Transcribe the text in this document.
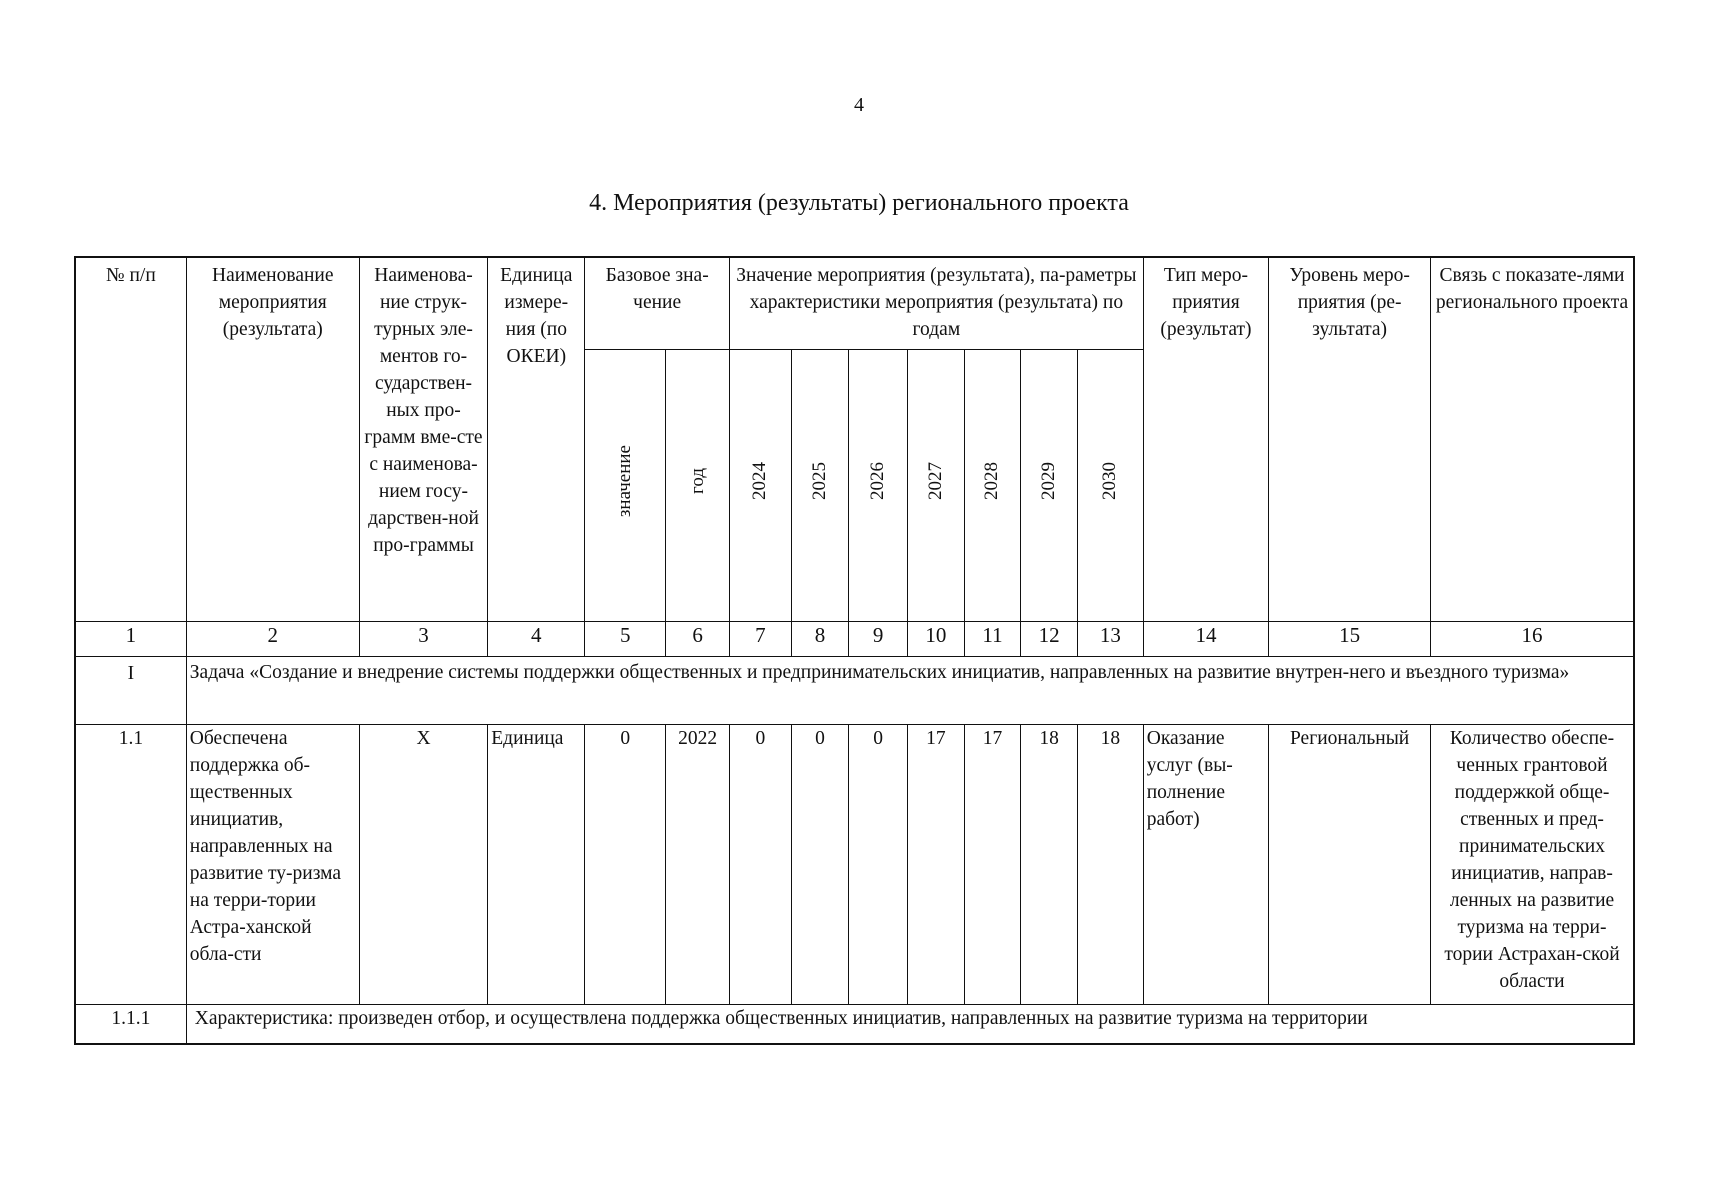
4
4. Мероприятия (результаты) регионального проекта
№ п/п	Наименование мероприятия (результата)	Наименова-ние струк-турных эле-ментов го-сударствен-ных про-грамм вме-сте с наименова-нием госу-дарствен-ной про-граммы	Единица измере-ния (по ОКЕИ)	Базовое зна-чение		Значение мероприятия (результата), па-раметры характеристики мероприятия (результата) по годам							Тип меро-приятия (результат)	Уровень меро-приятия (ре-зультата)	Связь с показате-лями регионального проекта
				значение	год	2024	2025	2026	2027	2028	2029	2030			
1	2	3	4	5	6	7	8	9	10	11	12	13	14	15	16
I	Задача «Создание и внедрение системы поддержки общественных и предпринимательских инициатив, направленных на развитие внутрен-него и въездного туризма»														
1.1	Обеспечена поддержка об-щественных инициатив, направленных на развитие ту-ризма на терри-тории Астра-ханской обла-сти	Х	Единица	0	2022	0	0	0	17	17	18	18	Оказание услуг (вы-полнение работ)	Региональный	Количество обеспе-ченных грантовой поддержкой обще-ственных и пред-принимательских инициатив, направ-ленных на развитие туризма на терри-тории Астрахан-ской области
1.1.1	Характеристика: произведен отбор, и осуществлена поддержка общественных инициатив, направленных на развитие туризма на территории														
